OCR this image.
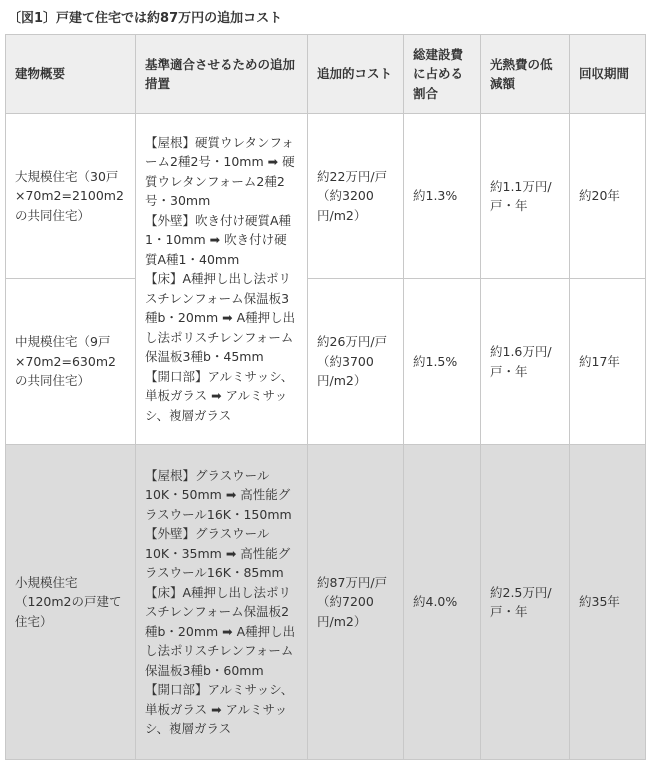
〔図1〕戸建て住宅では約87万円の追加コスト
建物概要	基準適合させるための追加措置	追加的コスト	総建設費に占める割合	光熱費の低減額	回収期間
大規模住宅（30戸×70m2=2100m2の共同住宅）	【屋根】硬質ウレタンフォーム2種2号・10mm ➡ 硬質ウレタンフォーム2種2号・30mm
【外壁】吹き付け硬質A種1・10mm ➡ 吹き付け硬質A種1・40mm
【床】A種押し出し法ポリスチレンフォーム保温板3種b・20mm ➡ A種押し出し法ポリスチレンフォーム保温板3種b・45mm
【開口部】アルミサッシ、単板ガラス ➡ アルミサッシ、複層ガラス	約22万円/戸（約3200円/m2）	約1.3%	約1.1万円/戸・年	約20年
中規模住宅（9戸×70m2=630m2の共同住宅）		約26万円/戸（約3700円/m2）	約1.5%	約1.6万円/戸・年	約17年
小規模住宅（120m2の戸建て住宅）	【屋根】グラスウール10K・50mm ➡ 高性能グラスウール16K・150mm
【外壁】グラスウール10K・35mm ➡ 高性能グラスウール16K・85mm
【床】A種押し出し法ポリスチレンフォーム保温板2種b・20mm ➡ A種押し出し法ポリスチレンフォーム保温板3種b・60mm
【開口部】アルミサッシ、単板ガラス ➡ アルミサッシ、複層ガラス	約87万円/戸（約7200円/m2）	約4.0%	約2.5万円/戸・年	約35年
